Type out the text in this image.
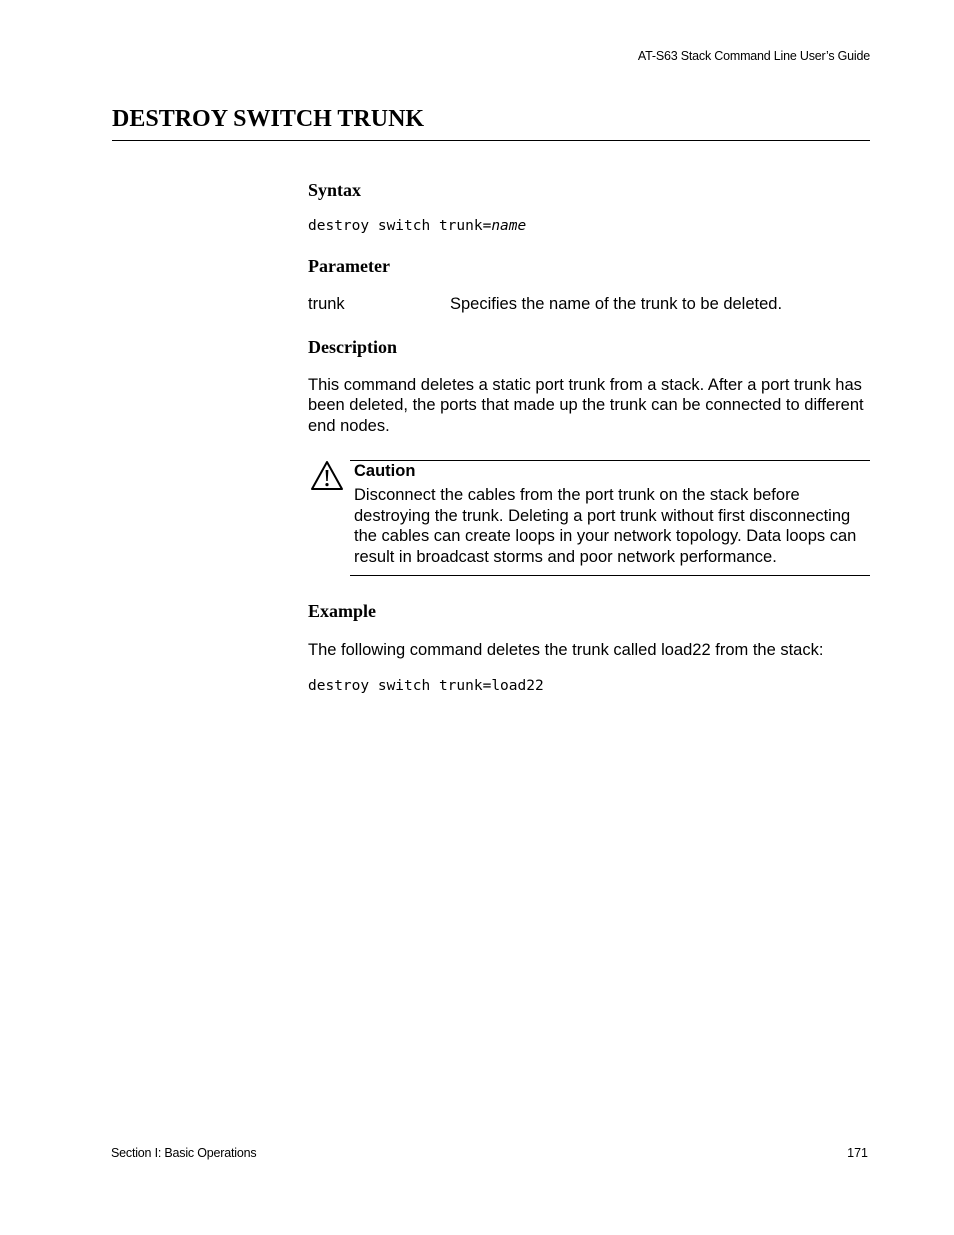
AT-S63 Stack Command Line User’s Guide
DESTROY SWITCH TRUNK
Syntax
destroy switch trunk=name
Parameter
trunk	Specifies the name of the trunk to be deleted.
Description
This command deletes a static port trunk from a stack. After a port trunk has been deleted, the ports that made up the trunk can be connected to different end nodes.
Caution
Disconnect the cables from the port trunk on the stack before destroying the trunk. Deleting a port trunk without first disconnecting the cables can create loops in your network topology. Data loops can result in broadcast storms and poor network performance.
Example
The following command deletes the trunk called load22 from the stack:
destroy switch trunk=load22
Section I: Basic Operations	171
